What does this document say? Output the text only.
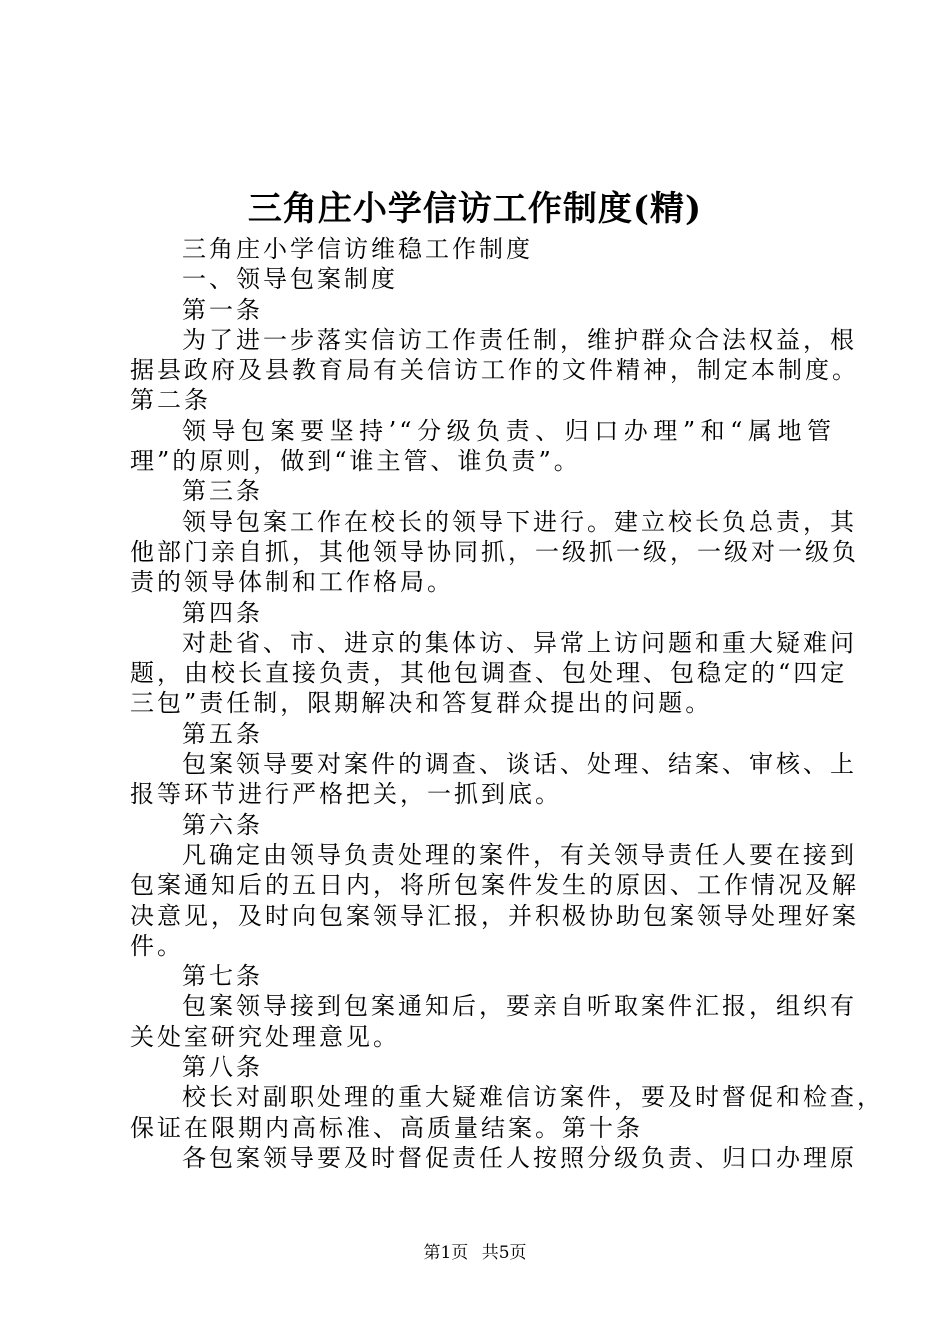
三角庄小学信访工作制度(精)

三角庄小学信访维稳工作制度

一、领导包案制度

第一条

为了进一步落实信访工作责任制，维护群众合法权益，根

据县政府及县教育局有关信访工作的文件精神，制定本制度。

第二条

领导包案要坚持’“分级负责、归口办理”和“属地管

理”的原则，做到“谁主管、谁负责”。

第三条

领导包案工作在校长的领导下进行。建立校长负总责，其

他部门亲自抓，其他领导协同抓，一级抓一级，一级对一级负

责的领导体制和工作格局。

第四条

对赴省、市、进京的集体访、异常上访问题和重大疑难问

题，由校长直接负责，其他包调查、包处理、包稳定的“四定

三包”责任制，限期解决和答复群众提出的问题。

第五条

包案领导要对案件的调查、谈话、处理、结案、审核、上

报等环节进行严格把关，一抓到底。

第六条

凡确定由领导负责处理的案件，有关领导责任人要在接到

包案通知后的五日内，将所包案件发生的原因、工作情况及解

决意见，及时向包案领导汇报，并积极协助包案领导处理好案

件。

第七条

包案领导接到包案通知后，要亲自听取案件汇报，组织有

关处室研究处理意见。

第八条

校长对副职处理的重大疑难信访案件，要及时督促和检查，

保证在限期内高标准、高质量结案。第十条

各包案领导要及时督促责任人按照分级负责、归口办理原

第1页 共5页
